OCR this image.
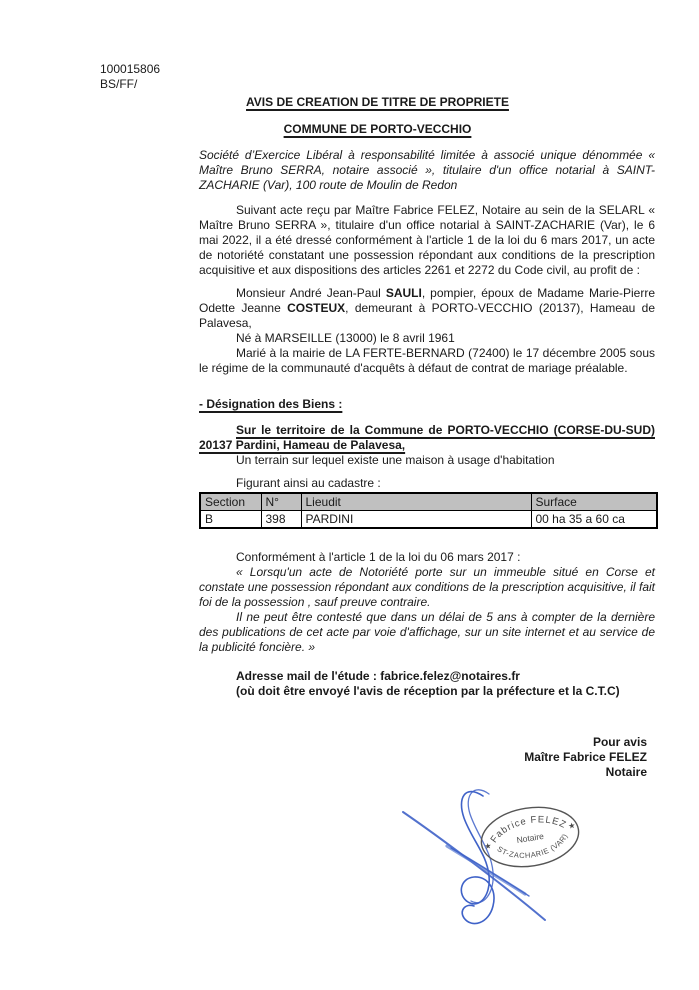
100015806
BS/FF/
AVIS DE CREATION DE TITRE DE PROPRIETE
COMMUNE DE PORTO-VECCHIO

Société d’Exercice Libéral à responsabilité limitée à associé unique dénommée « Maître Bruno SERRA, notaire associé », titulaire d'un office notarial à SAINT-ZACHARIE (Var), 100 route de Moulin de Redon

Suivant acte reçu par Maître Fabrice FELEZ, Notaire au sein de la SELARL « Maître Bruno SERRA », titulaire d'un office notarial à SAINT-ZACHARIE (Var), le 6 mai 2022, il a été dressé conformément à l'article 1 de la loi du 6 mars 2017, un acte de notoriété constatant une possession répondant aux conditions de la prescription acquisitive et aux dispositions des articles 2261 et 2272 du Code civil, au profit de :

Monsieur André Jean-Paul SAULI, pompier, époux de Madame Marie-Pierre Odette Jeanne COSTEUX, demeurant à PORTO-VECCHIO (20137), Hameau de Palavesa,

Né à MARSEILLE (13000) le 8 avril 1961

Marié à la mairie de LA FERTE-BERNARD (72400) le 17 décembre 2005 sous le régime de la communauté d'acquêts à défaut de contrat de mariage préalable.

- Désignation des Biens :

Sur le territoire de la Commune de PORTO-VECCHIO (CORSE-DU-SUD)
20137 Pardini, Hameau de Palavesa,

Un terrain sur lequel existe une maison à usage d'habitation

Figurant ainsi au cadastre :

Section	N°	Lieudit	Surface
B	398	PARDINI	00 ha 35 a 60 ca

Conformément à l'article 1 de la loi du 06 mars 2017 :

« Lorsqu'un acte de Notoriété porte sur un immeuble situé en Corse et constate une possession répondant aux conditions de la prescription acquisitive, il fait foi de la possession , sauf preuve contraire.

Il ne peut être contesté que dans un délai de 5 ans à compter de la dernière des publications de cet acte par voie d'affichage, sur un site internet et au service de la publicité foncière. »

Adresse mail de l'étude : fabrice.felez@notaires.fr
(où doit être envoyé l'avis de réception par la préfecture et la C.T.C)
Pour avis
Maître Fabrice FELEZ
Notaire
Fabrice FELEZ
Notaire
ST-ZACHARIE (VAR)
★
★
